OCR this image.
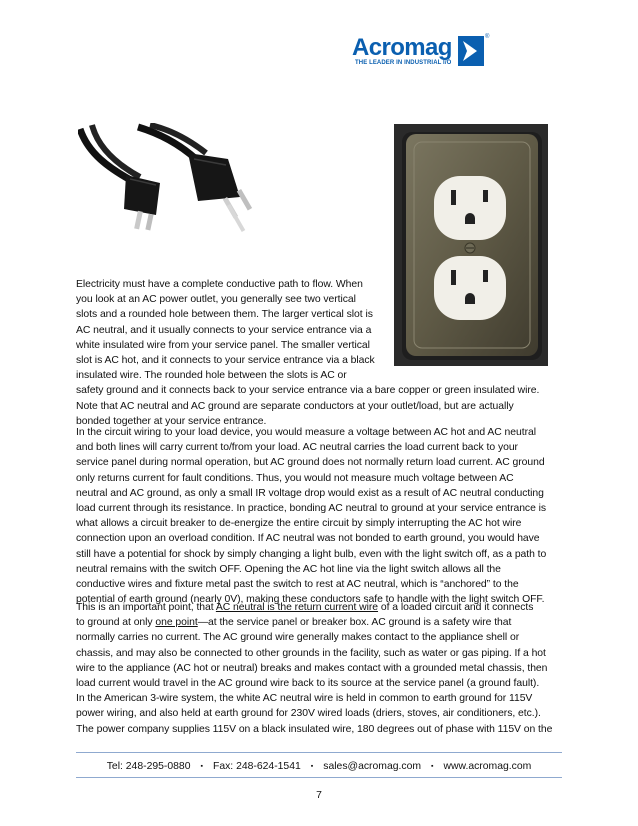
Acromag
THE LEADER IN INDUSTRIAL I/O
®
Electricity must have a complete conductive path to flow. When
you look at an AC power outlet, you generally see two vertical
slots and a rounded hole between them. The larger vertical slot is
AC neutral, and it usually connects to your service entrance via a
white insulated wire from your service panel. The smaller vertical
slot is AC hot, and it connects to your service entrance via a black
insulated wire. The rounded hole between the slots is AC or
safety ground and it connects back to your service entrance via a bare copper or green insulated wire.
Note that AC neutral and AC ground are separate conductors at your outlet/load, but are actually
bonded together at your service entrance.
In the circuit wiring to your load device, you would measure a voltage between AC hot and AC neutral
and both lines will carry current to/from your load. AC neutral carries the load current back to your
service panel during normal operation, but AC ground does not normally return load current. AC ground
only returns current for fault conditions. Thus, you would not measure much voltage between AC
neutral and AC ground, as only a small IR voltage drop would exist as a result of AC neutral conducting
load current through its resistance. In practice, bonding AC neutral to ground at your service entrance is
what allows a circuit breaker to de-energize the entire circuit by simply interrupting the AC hot wire
connection upon an overload condition. If AC neutral was not bonded to earth ground, you would have
still have a potential for shock by simply changing a light bulb, even with the light switch off, as a path to
neutral remains with the switch OFF. Opening the AC hot line via the light switch allows all the
conductive wires and fixture metal past the switch to rest at AC neutral, which is “anchored” to the
potential of earth ground (nearly 0V), making these conductors safe to handle with the light switch OFF.
This is an important point, that AC neutral is the return current wire of a loaded circuit and it connects
to ground at only one point—at the service panel or breaker box. AC ground is a safety wire that
normally carries no current. The AC ground wire generally makes contact to the appliance shell or
chassis, and may also be connected to other grounds in the facility, such as water or gas piping. If a hot
wire to the appliance (AC hot or neutral) breaks and makes contact with a grounded metal chassis, then
load current would travel in the AC ground wire back to its source at the service panel (a ground fault).
In the American 3-wire system, the white AC neutral wire is held in common to earth ground for 115V
power wiring, and also held at earth ground for 230V wired loads (driers, stoves, air conditioners, etc.).
The power company supplies 115V on a black insulated wire, 180 degrees out of phase with 115V on the
Tel: 248-295-0880 ▪ Fax: 248-624-1541 ▪ sales@acromag.com ▪ www.acromag.com
7
